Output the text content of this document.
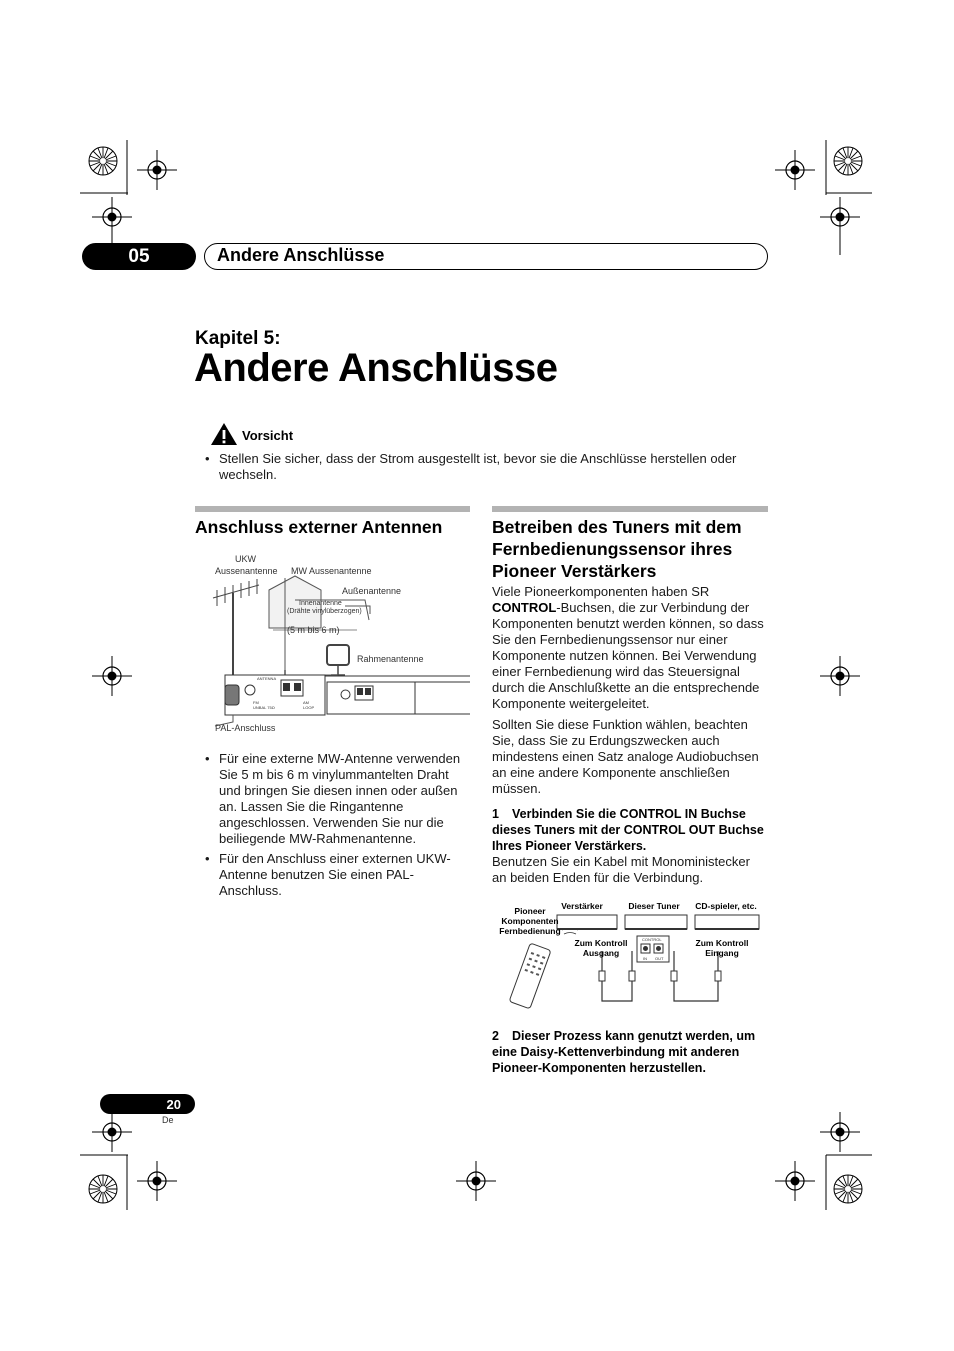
05	Andere Anschlüsse
Kapitel 5:
Andere Anschlüsse
Vorsicht
• Stellen Sie sicher, dass der Strom ausgestellt ist, bevor sie die Anschlüsse herstellen oder wechseln.
Anschluss externer Antennen
UKW
Aussenantenne MW Aussenantenne
Außenantenne
Innenantenne
(Drähte vinylüberzogen)
(5 m bis 6 m)
Rahmenantenne
PAL-Anschluss
ANTENNA
FM
UNBAL 75Ω
AM
LOOP
• Für eine externe MW-Antenne verwenden Sie 5 m bis 6 m vinylummantelten Draht und bringen Sie diesen innen oder außen an. Lassen Sie die Ringantenne angeschlossen. Verwenden Sie nur die beiliegende MW-Rahmenantenne.
• Für den Anschluss einer externen UKW-Antenne benutzen Sie einen PAL-Anschluss.
Betreiben des Tuners mit dem
Fernbedienungssensor ihres
Pioneer Verstärkers
Viele Pioneerkomponenten haben SR CONTROL-Buchsen, die zur Verbindung der Komponenten benutzt werden können, so dass Sie den Fernbedienungssensor nur einer Komponente nutzen können. Bei Verwendung einer Fernbedienung wird das Steuersignal durch die Anschlußkette an die entsprechende Komponente weitergeleitet.
Sollten Sie diese Funktion wählen, beachten Sie, dass Sie zu Erdungszwecken auch mindestens einen Satz analoge Audiobuchsen an eine andere Komponente anschließen müssen.
1 Verbinden Sie die CONTROL IN Buchse dieses Tuners mit der CONTROL OUT Buchse Ihres Pioneer Verstärkers.
Benutzen Sie ein Kabel mit Monoministecker an beiden Enden für die Verbindung.
Pioneer
Komponenten
Fernbedienung
Verstärker	Dieser Tuner	CD-spieler, etc.
Zum Kontroll
Ausgang
Zum Kontroll
Eingang
CONTROL
IN OUT
2 Dieser Prozess kann genutzt werden, um eine Daisy-Kettenverbindung mit anderen Pioneer-Komponenten herzustellen.
20
De
